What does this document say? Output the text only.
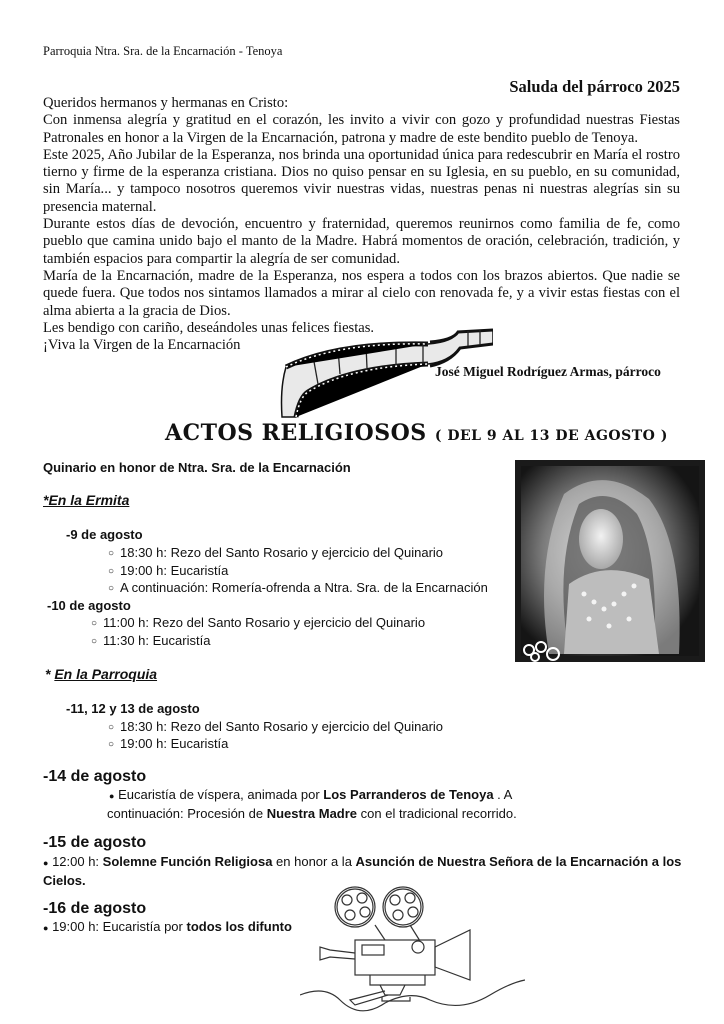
Parroquia Ntra. Sra. de la Encarnación - Tenoya
Saluda del párroco 2025

Queridos hermanos y hermanas en Cristo:

Con inmensa alegría y gratitud en el corazón, les invito a vivir con gozo y profundidad nuestras Fiestas Patronales en honor a la Virgen de la Encarnación, patrona y madre de este bendito pueblo de Tenoya.

Este 2025, Año Jubilar de la Esperanza, nos brinda una oportunidad única para redescubrir en María el rostro tierno y firme de la esperanza cristiana. Dios no quiso pensar en su Iglesia, en su pueblo, en su comunidad, sin María... y tampoco nosotros queremos vivir nuestras vidas, nuestras penas ni nuestras alegrías sin su presencia maternal.

Durante estos días de devoción, encuentro y fraternidad, queremos reunirnos como familia de fe, como pueblo que camina unido bajo el manto de la Madre. Habrá momentos de oración, celebración, tradición, y también espacios para compartir la alegría de ser comunidad.

María de la Encarnación, madre de la Esperanza, nos espera a todos con los brazos abiertos. Que nadie se quede fuera. Que todos nos sintamos llamados a mirar al cielo con renovada fe, y a vivir estas fiestas con el alma abierta a la gracia de Dios.

Les bendigo con cariño, deseándoles unas felices fiestas.

¡Viva la Virgen de la Encarnación

José Miguel Rodríguez Armas, párroco
ACTOS RELIGIOSOS ( DEL 9 AL 13 DE AGOSTO )
Quinario en honor de Ntra. Sra. de la Encarnación
*En la Ermita
-9 de agosto
○ 18:30 h: Rezo del Santo Rosario y ejercicio del Quinario
○ 19:00 h: Eucaristía
○ A continuación: Romería-ofrenda a Ntra. Sra. de la Encarnación
-10 de agosto
○ 11:00 h: Rezo del Santo Rosario y ejercicio del Quinario
○ 11:30 h: Eucaristía
* En la Parroquia
-11, 12 y 13 de agosto
○ 18:30 h: Rezo del Santo Rosario y ejercicio del Quinario
○ 19:00 h: Eucaristía
-14 de agosto
● Eucaristía de víspera, animada por Los Parranderos de Tenoya . A
continuación: Procesión de Nuestra Madre con el tradicional recorrido.
-15 de agosto
● 12:00 h: Solemne Función Religiosa en honor a la Asunción de Nuestra Señora de la Encarnación a los Cielos.
-16 de agosto
● 19:00 h: Eucaristía por todos los difunto
